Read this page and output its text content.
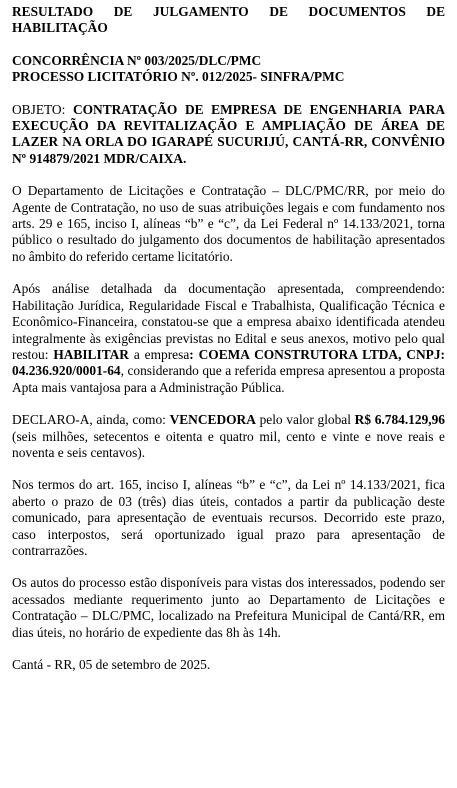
RESULTADO DE JULGAMENTO DE DOCUMENTOS DE HABILITAÇÃO

CONCORRÊNCIA Nº 003/2025/DLC/PMC

PROCESSO LICITATÓRIO Nº. 012/2025- SINFRA/PMC

OBJETO: CONTRATAÇÃO DE EMPRESA DE ENGENHARIA PARA EXECUÇÃO DA REVITALIZAÇÃO E AMPLIAÇÃO DE ÁREA DE LAZER NA ORLA DO IGARAPÉ SUCURIJÚ, CANTÁ-RR, CONVÊNIO Nº 914879/2021 MDR/CAIXA.

O Departamento de Licitações e Contratação – DLC/PMC/RR, por meio do Agente de Contratação, no uso de suas atribuições legais e com fundamento nos arts. 29 e 165, inciso I, alíneas “b” e “c”, da Lei Federal nº 14.133/2021, torna público o resultado do julgamento dos documentos de habilitação apresentados no âmbito do referido certame licitatório.

Após análise detalhada da documentação apresentada, compreendendo: Habilitação Jurídica, Regularidade Fiscal e Trabalhista, Qualificação Técnica e Econômico-Financeira, constatou-se que a empresa abaixo identificada atendeu integralmente às exigências previstas no Edital e seus anexos, motivo pelo qual restou: HABILITAR a empresa: COEMA CONSTRUTORA LTDA, CNPJ: 04.236.920/0001-64, considerando que a referida empresa apresentou a proposta Apta mais vantajosa para a Administração Pública.

DECLARO-A, ainda, como: VENCEDORA pelo valor global R$ 6.784.129,96 (seis milhões, setecentos e oitenta e quatro mil, cento e vinte e nove reais e noventa e seis centavos).

Nos termos do art. 165, inciso I, alíneas “b” e “c”, da Lei nº 14.133/2021, fica aberto o prazo de 03 (três) dias úteis, contados a partir da publicação deste comunicado, para apresentação de eventuais recursos. Decorrido este prazo, caso interpostos, será oportunizado igual prazo para apresentação de contrarrazões.

Os autos do processo estão disponíveis para vistas dos interessados, podendo ser acessados mediante requerimento junto ao Departamento de Licitações e Contratação – DLC/PMC, localizado na Prefeitura Municipal de Cantá/RR, em dias úteis, no horário de expediente das 8h às 14h.

Cantá - RR, 05 de setembro de 2025.
